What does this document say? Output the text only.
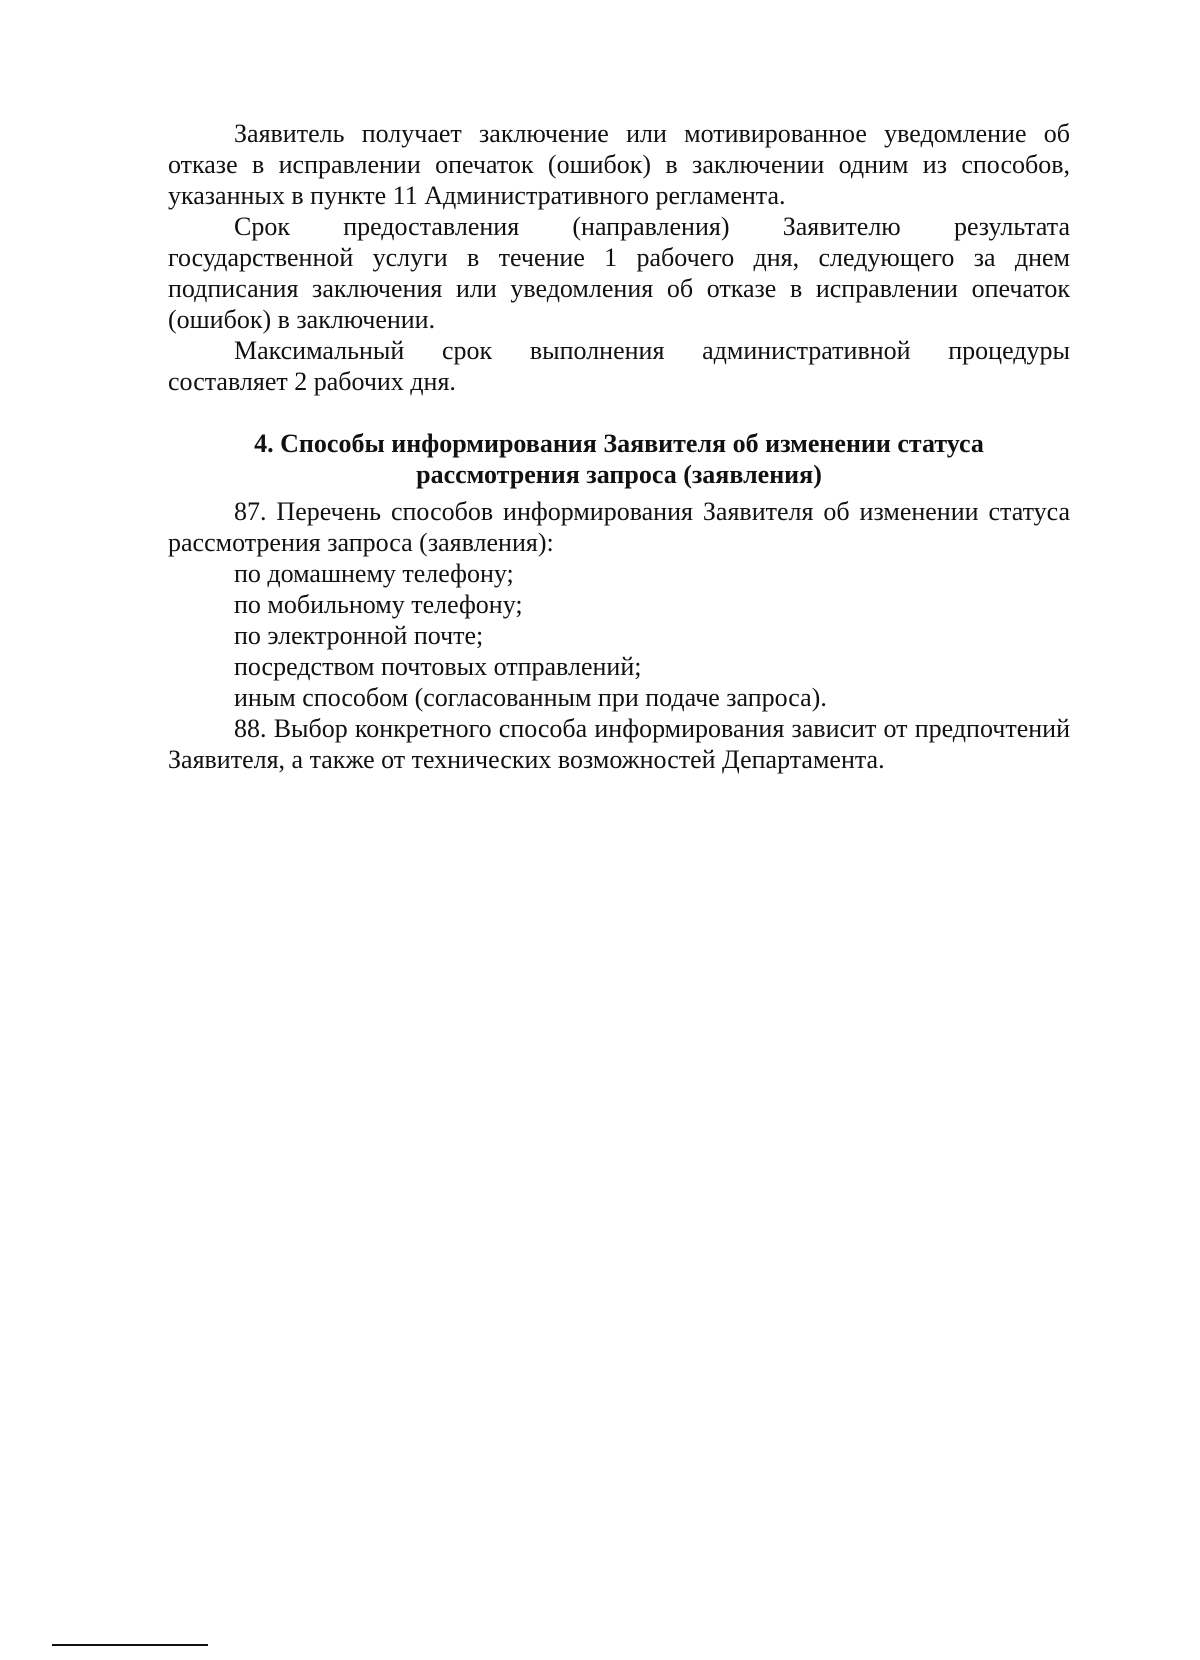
Заявитель получает заключение или мотивированное уведомление об отказе в исправлении опечаток (ошибок) в заключении одним из способов, указанных в пункте 11 Административного регламента.

Срок предоставления (направления) Заявителю результата государственной услуги в течение 1 рабочего дня, следующего за днем подписания заключения или уведомления об отказе в исправлении опечаток (ошибок) в заключении.

Максимальный срок выполнения административной процедуры составляет 2 рабочих дня.

4. Способы информирования Заявителя об изменении статуса
рассмотрения запроса (заявления)

87. Перечень способов информирования Заявителя об изменении статуса рассмотрения запроса (заявления):

по домашнему телефону;

по мобильному телефону;

по электронной почте;

посредством почтовых отправлений;

иным способом (согласованным при подаче запроса).

88. Выбор конкретного способа информирования зависит от предпочтений Заявителя, а также от технических возможностей Департамента.
